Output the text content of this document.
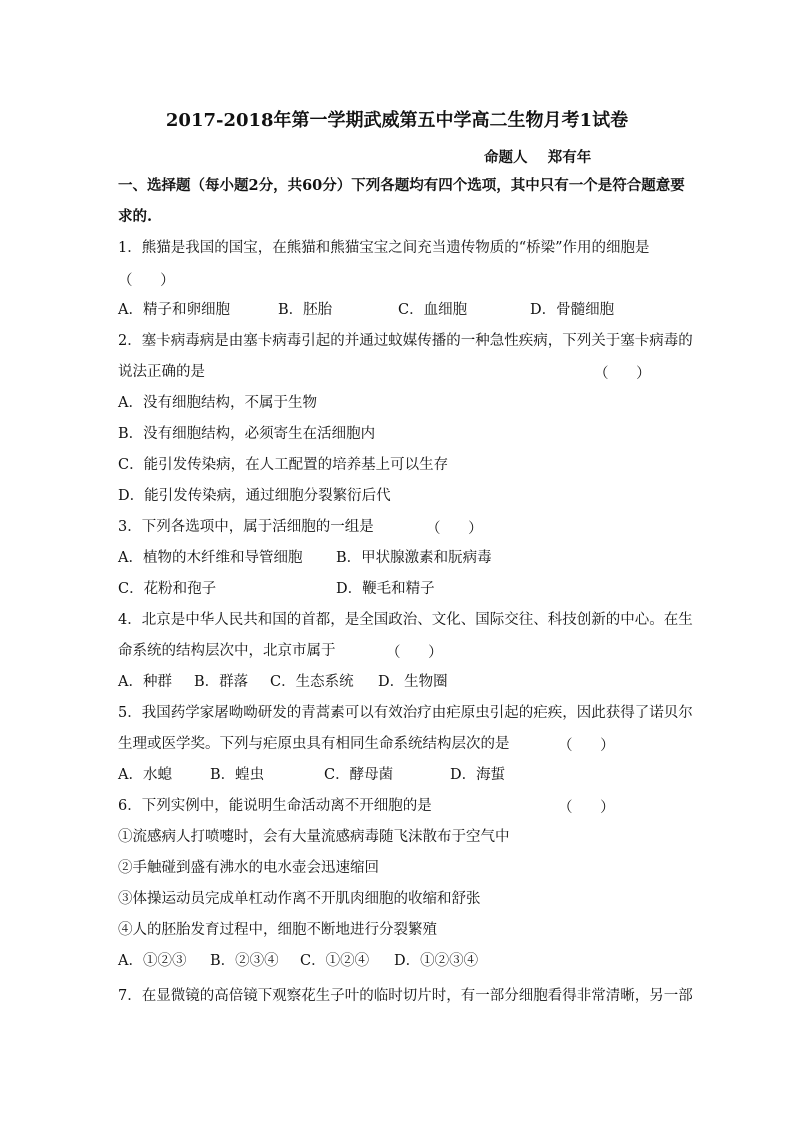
2017-2018年第一学期武威第五中学高二生物月考1试卷
命题人    郑有年
一、选择题（每小题2分，共60分）下列各题均有四个选项，其中只有一个是符合题意要
求的.
1．熊猫是我国的国宝，在熊猫和熊猫宝宝之间充当遗传物质的“桥梁”作用的细胞是
（      ）

A．精子和卵细胞

	B．胚胎

	C．血细胞

	D．骨髓细胞

2．塞卡病毒病是由塞卡病毒引起的并通过蚊媒传播的一种急性疾病，下列关于塞卡病毒的
说法正确的是	（      ）
A．没有细胞结构，不属于生物
B．没有细胞结构，必须寄生在活细胞内
C．能引发传染病，在人工配置的培养基上可以生存
D．能引发传染病，通过细胞分裂繁衍后代
3．下列各选项中，属于活细胞的一组是	（      ）

A．植物的木纤维和导管细胞

B．甲状腺激素和朊病毒

C．花粉和孢子

	D．鞭毛和精子

4．北京是中华人民共和国的首都，是全国政治、文化、国际交往、科技创新的中心。在生
命系统的结构层次中，北京市属于	（      ）

A．种群

B．群落

C．生态系统

D．生物圈

5．我国药学家屠呦呦研发的青蒿素可以有效治疗由疟原虫引起的疟疾，因此获得了诺贝尔
生理或医学奖。下列与疟原虫具有相同生命系统结构层次的是	（      ）

A．水螅

	B．蝗虫

	C．酵母菌

	D．海蜇

6．下列实例中，能说明生命活动离不开细胞的是	（      ）
①流感病人打喷嚏时，会有大量流感病毒随飞沫散布于空气中
②手触碰到盛有沸水的电水壶会迅速缩回
③体操运动员完成单杠动作离不开肌肉细胞的收缩和舒张
④人的胚胎发育过程中，细胞不断地进行分裂繁殖

A．①②③

B．②③④

C．①②④

D．①②③④

7．在显微镜的高倍镜下观察花生子叶的临时切片时，有一部分细胞看得非常清晰，另一部
